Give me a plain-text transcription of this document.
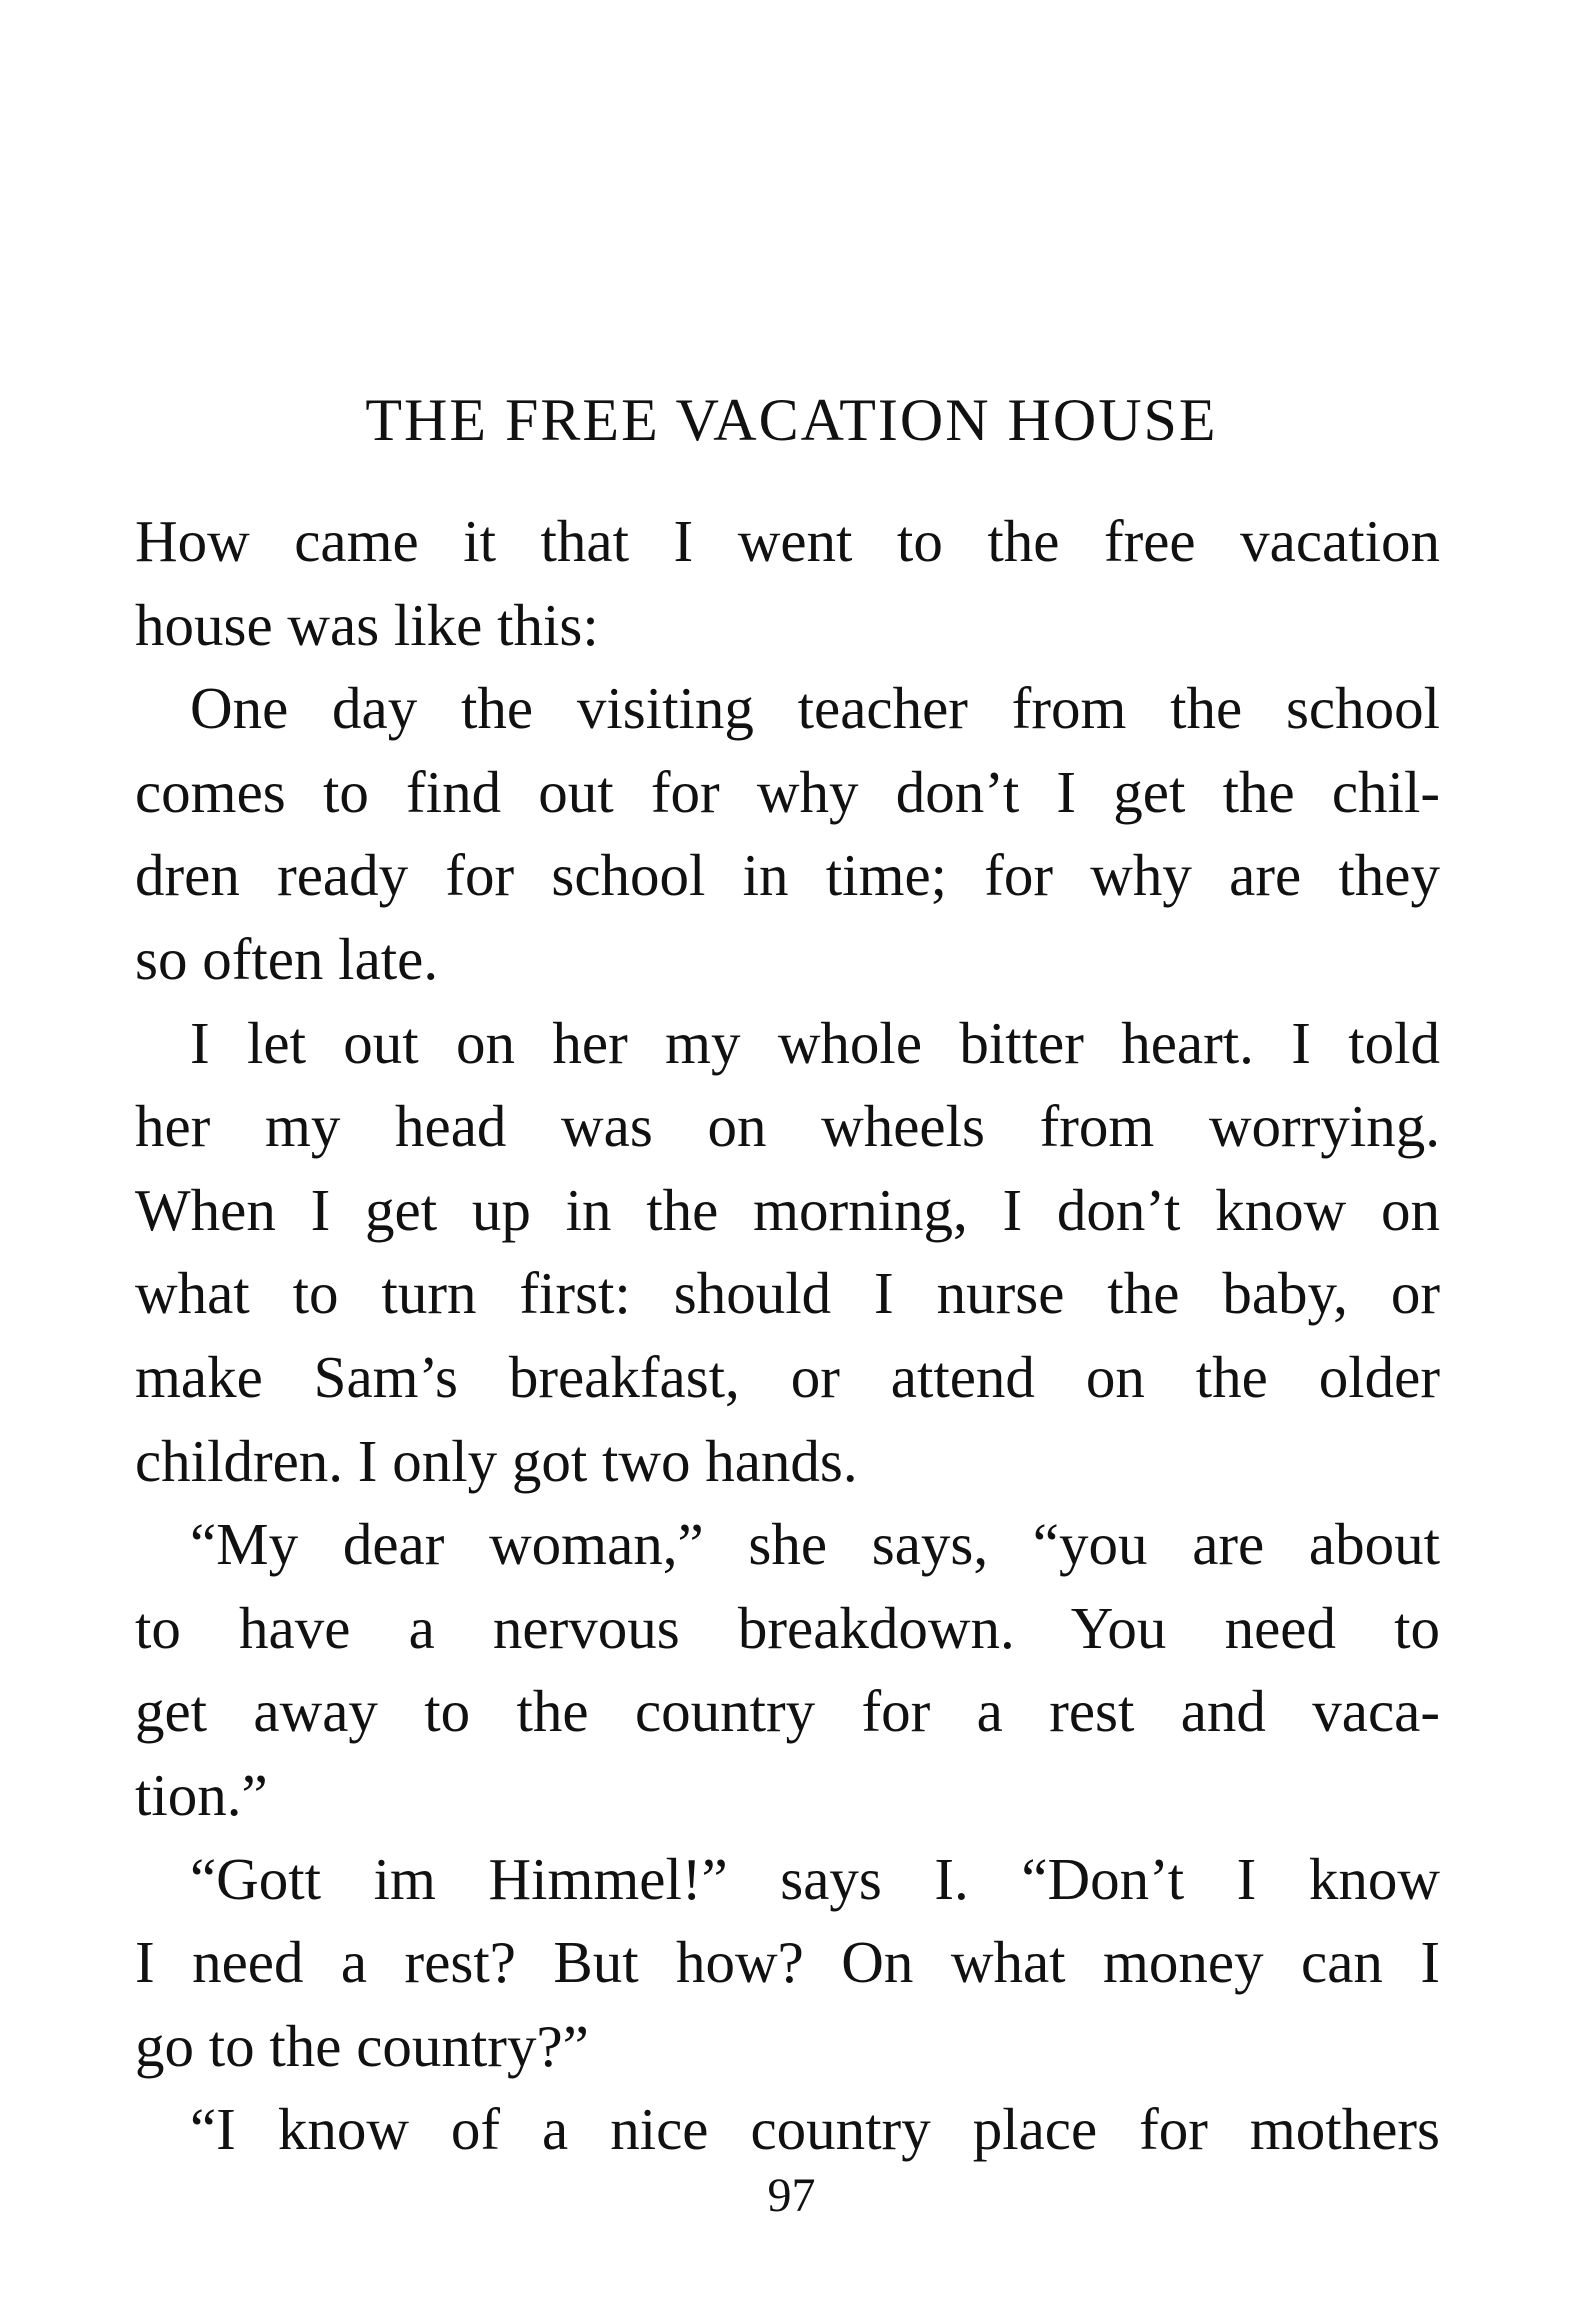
THE FREE VACATION HOUSE
How came it that I went to the free vacation
house was like this:
One day the visiting teacher from the school
comes to find out for why don’t I get the chil-
dren ready for school in time; for why are they
so often late.
I let out on her my whole bitter heart. I told
her my head was on wheels from worrying.
When I get up in the morning, I don’t know on
what to turn first: should I nurse the baby, or
make Sam’s breakfast, or attend on the older
children. I only got two hands.
“My dear woman,” she says, “you are about
to have a nervous breakdown. You need to
get away to the country for a rest and vaca-
tion.”
“Gott im Himmel!” says I. “Don’t I know
I need a rest? But how? On what money can I
go to the country?”
“I know of a nice country place for mothers
97
